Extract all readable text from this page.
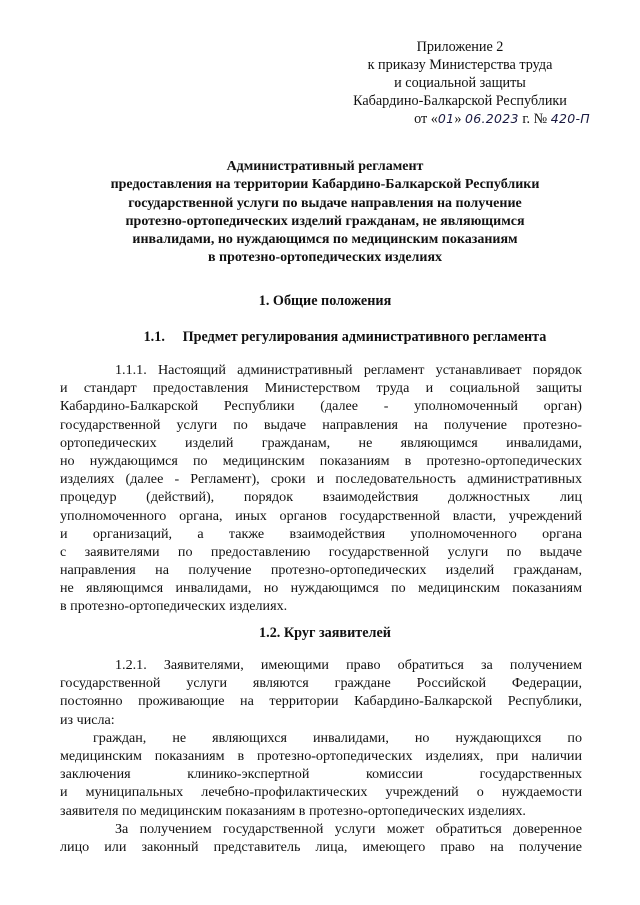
Приложение 2
к приказу Министерства труда
и социальной защиты
Кабардино-Балкарской Республики
от «01» 06.2023 г. № 420-П
Административный регламент
предоставления на территории Кабардино-Балкарской Республики
государственной услуги по выдаче направления на получение
протезно-ортопедических изделий гражданам, не являющимся
инвалидами, но нуждающимся по медицинским показаниям
в протезно-ортопедических изделиях
1. Общие положения
1.1. Предмет регулирования административного регламента
1.1.1. Настоящий административный регламент устанавливает порядок
и стандарт предоставления Министерством труда и социальной защиты
Кабардино-Балкарской Республики (далее - уполномоченный орган)
государственной услуги по выдаче направления на получение протезно-
ортопедических изделий гражданам, не являющимся инвалидами,
но нуждающимся по медицинским показаниям в протезно-ортопедических
изделиях (далее - Регламент), сроки и последовательность административных
процедур (действий), порядок взаимодействия должностных лиц
уполномоченного органа, иных органов государственной власти, учреждений
и организаций, а также взаимодействия уполномоченного органа
с заявителями по предоставлению государственной услуги по выдаче
направления на получение протезно-ортопедических изделий гражданам,
не являющимся инвалидами, но нуждающимся по медицинским показаниям
в протезно-ортопедических изделиях.
1.2. Круг заявителей
1.2.1. Заявителями, имеющими право обратиться за получением
государственной услуги являются граждане Российской Федерации,
постоянно проживающие на территории Кабардино-Балкарской Республики,
из числа:
граждан, не являющихся инвалидами, но нуждающихся по
медицинским показаниям в протезно-ортопедических изделиях, при наличии
заключения клинико-экспертной комиссии государственных
и муниципальных лечебно-профилактических учреждений о нуждаемости
заявителя по медицинским показаниям в протезно-ортопедических изделиях.
За получением государственной услуги может обратиться доверенное
лицо или законный представитель лица, имеющего право на получение
